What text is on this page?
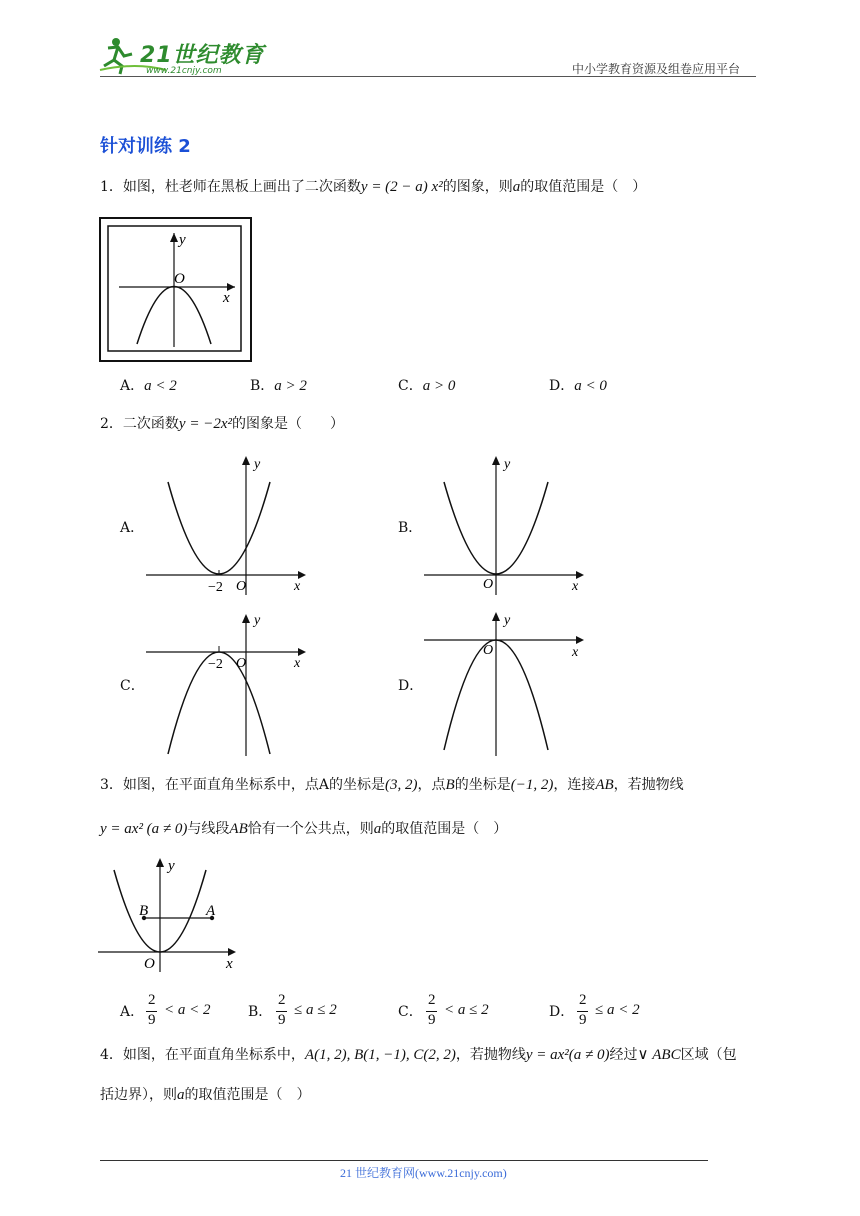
21世纪教育
www.21cnjy.com	中小学教育资源及组卷应用平台
针对训练 2
1．如图，杜老师在黑板上画出了二次函数y = (2 − a) x²的图象，则a的取值范围是（　）
y
O
x
A．a < 2	B．a > 2	C．a > 0	D．a < 0
2．二次函数y = −2x²的图象是（　　）
A．
−2 O	x
y
B．
O	x
y
C．
−2 O	x
y
D．
O	x
y
3．如图，在平面直角坐标系中，点A的坐标是(3, 2)，点B的坐标是(−1, 2)，连接AB，若抛物线
y = ax² (a ≠ 0)与线段AB恰有一个公共点，则a的取值范围是（　）
B	A
O	x
y
A．
2
9
< a < 2	B．
2
9
≤ a ≤ 2	C．
2
9
< a ≤ 2	D．
2
9
≤ a < 2
4．如图，在平面直角坐标系中，A(1, 2), B(1, −1), C(2, 2)，若抛物线y = ax²(a ≠ 0)经过∨ ABC区域（包
括边界），则a的取值范围是（　）
21 世纪教育网(www.21cnjy.com)
